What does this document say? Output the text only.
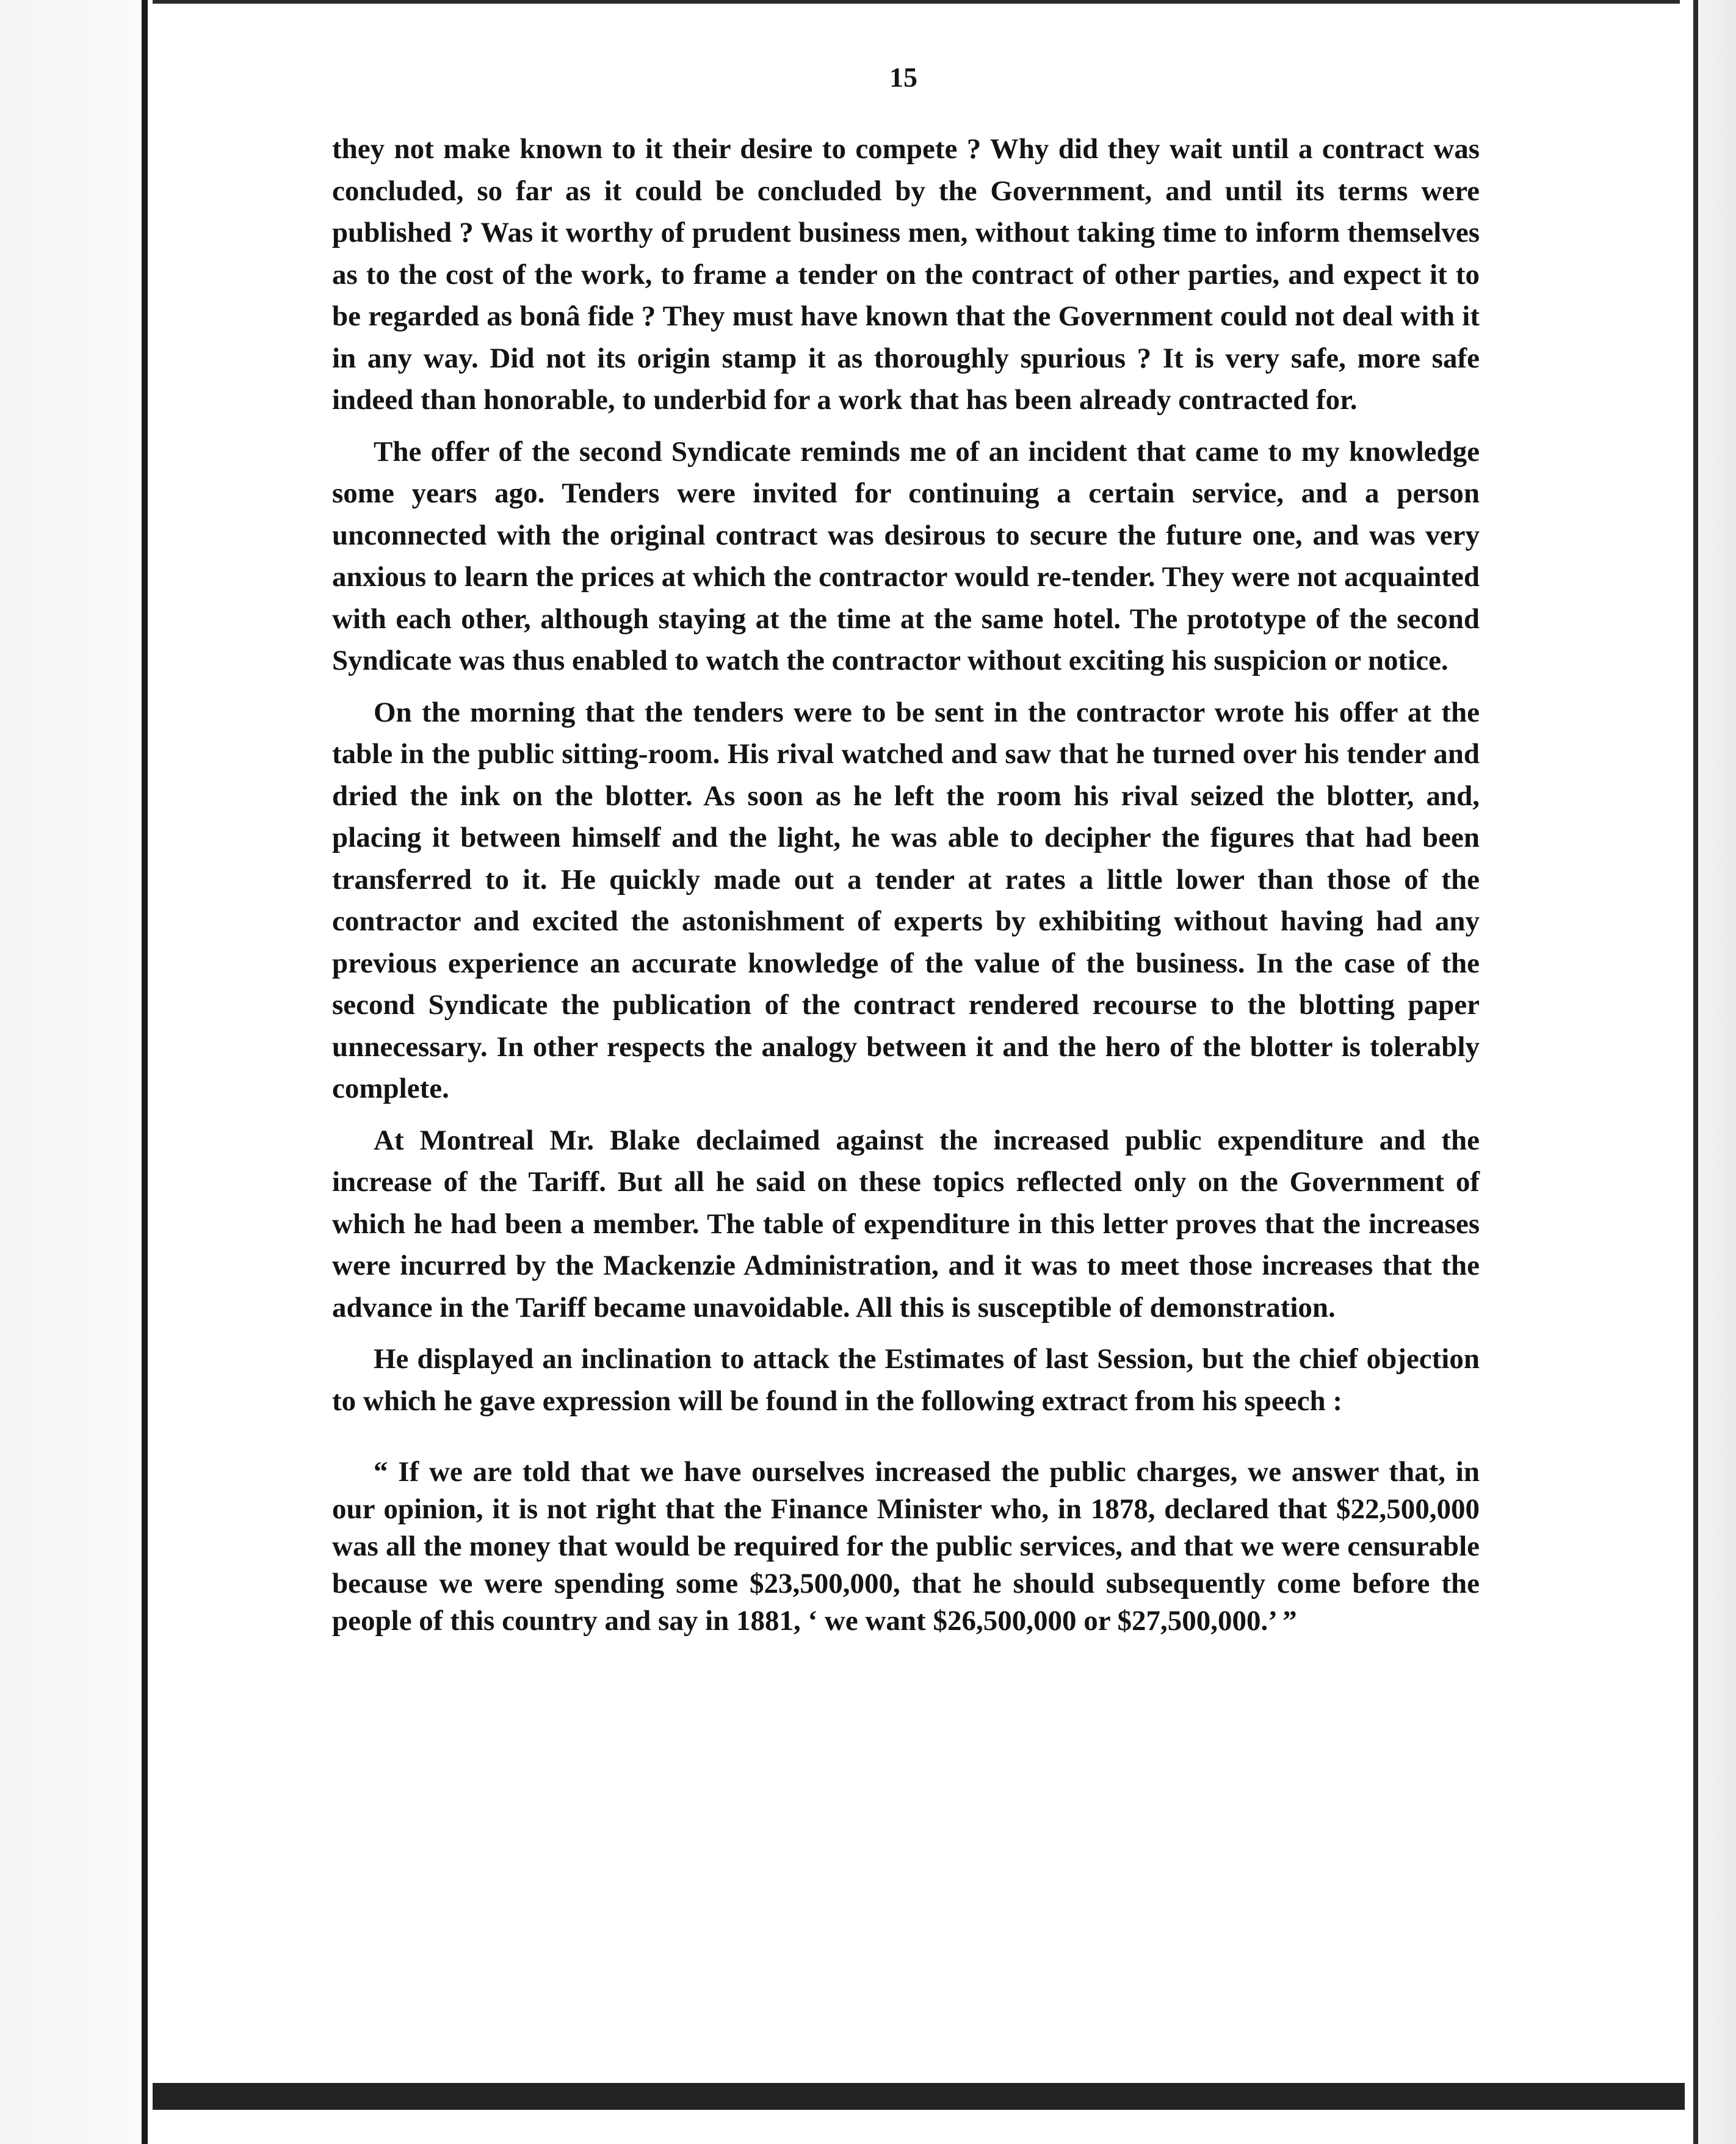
15

they not make known to it their desire to compete ? Why did they wait until a contract was concluded, so far as it could be concluded by the Government, and until its terms were published ? Was it worthy of prudent business men, without taking time to inform themselves as to the cost of the work, to frame a tender on the contract of other parties, and expect it to be regarded as bonâ fide ? They must have known that the Government could not deal with it in any way. Did not its origin stamp it as thoroughly spurious ? It is very safe, more safe indeed than honorable, to underbid for a work that has been already contracted for.

The offer of the second Syndicate reminds me of an incident that came to my knowledge some years ago. Tenders were invited for continuing a certain service, and a person unconnected with the original contract was desirous to secure the future one, and was very anxious to learn the prices at which the contractor would re-tender. They were not acquainted with each other, although staying at the time at the same hotel. The prototype of the second Syndicate was thus enabled to watch the contractor without exciting his suspicion or notice.

On the morning that the tenders were to be sent in the contractor wrote his offer at the table in the public sitting-room. His rival watched and saw that he turned over his tender and dried the ink on the blotter. As soon as he left the room his rival seized the blotter, and, placing it between himself and the light, he was able to decipher the figures that had been transferred to it. He quickly made out a tender at rates a little lower than those of the contractor and excited the astonishment of experts by exhibiting without having had any previous experience an accurate knowledge of the value of the business. In the case of the second Syndicate the publication of the contract rendered recourse to the blotting paper unnecessary. In other respects the analogy between it and the hero of the blotter is tolerably complete.

At Montreal Mr. Blake declaimed against the increased public expenditure and the increase of the Tariff. But all he said on these topics reflected only on the Government of which he had been a member. The table of expenditure in this letter proves that the increases were incurred by the Mackenzie Administration, and it was to meet those increases that the advance in the Tariff became unavoidable. All this is susceptible of demonstration.

He displayed an inclination to attack the Estimates of last Session, but the chief objection to which he gave expression will be found in the following extract from his speech :

“ If we are told that we have ourselves increased the public charges, we answer that, in our opinion, it is not right that the Finance Minister who, in 1878, declared that $22,500,000 was all the money that would be required for the public services, and that we were censurable because we were spending some $23,500,000, that he should subsequently come before the people of this country and say in 1881, ‘ we want $26,500,000 or $27,500,000.’ ”
